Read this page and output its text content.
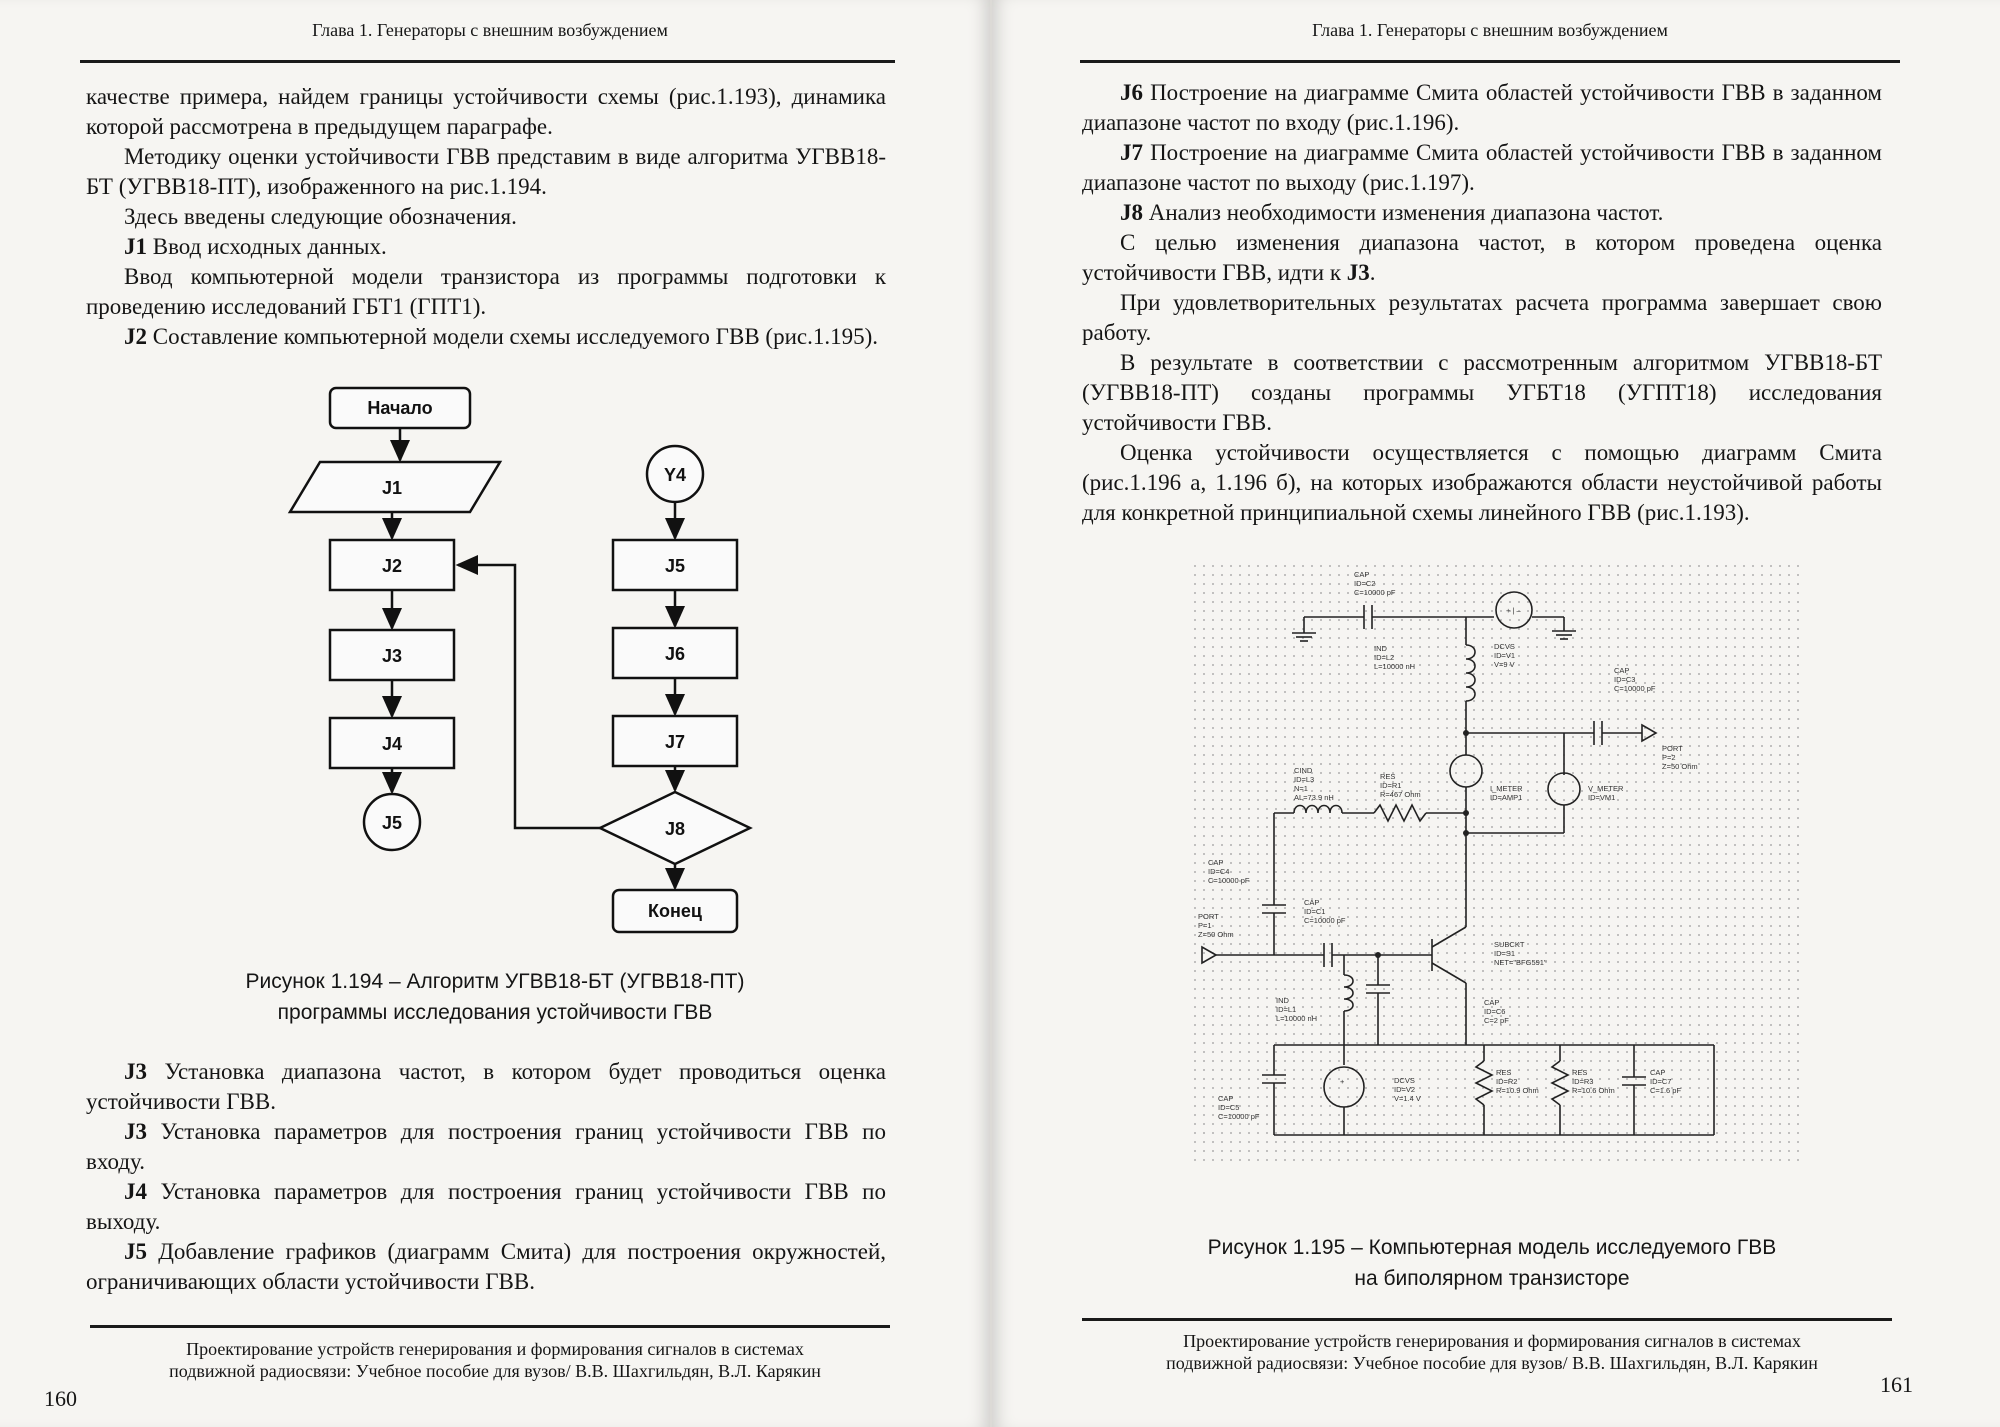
Глава 1. Генераторы с внешним возбуждением

качестве примера, найдем границы устойчивости схемы (рис.1.193), динамика которой рассмотрена в предыдущем параграфе.

Методику оценки устойчивости ГВВ представим в виде алгоритма УГВВ18-БТ (УГВВ18-ПТ), изображенного на рис.1.194.

Здесь введены следующие обозначения.

J1 Ввод исходных данных.

Ввод компьютерной модели транзистора из программы подготовки к проведению исследований ГБТ1 (ГПТ1).

J2 Составление компьютерной модели схемы исследуемого ГВВ (рис.1.195).

Начало
J1
J2
J3
J4
J5
Y4
J5
J6
J7
J8
Конец
Рисунок 1.194 – Алгоритм УГВВ18-БТ (УГВВ18-ПТ)
программы исследования устойчивости ГВВ

J3 Установка диапазона частот, в котором будет проводиться оценка устойчивости ГВВ.

J3 Установка параметров для построения границ устойчивости ГВВ по входу.

J4 Установка параметров для построения границ устойчивости ГВВ по выходу.

J5 Добавление графиков (диаграмм Смита) для построения окружностей, ограничивающих области устойчивости ГВВ.

Проектирование устройств генерирования и формирования сигналов в системах
подвижной радиосвязи: Учебное пособие для вузов/ В.В. Шахгильдян, В.Л. Карякин
160
Глава 1. Генераторы с внешним возбуждением

J6 Построение на диаграмме Смита областей устойчивости ГВВ в заданном диапазоне частот по входу (рис.1.196).

J7 Построение на диаграмме Смита областей устойчивости ГВВ в заданном диапазоне частот по выходу (рис.1.197).

J8 Анализ необходимости изменения диапазона частот.

С целью изменения диапазона частот, в котором проведена оценка устойчивости ГВВ, идти к J3.

При удовлетворительных результатах расчета программа завершает свою работу.

В результате в соответствии с рассмотренным алгоритмом УГВВ18-БТ (УГВВ18-ПТ) созданы программы УГБТ18 (УГПТ18) исследования устойчивости ГВВ.

Оценка устойчивости осуществляется с помощью диаграмм Смита (рис.1.196 а, 1.196 б), на которых изображаются области неустойчивой работы для конкретной принципиальной схемы линейного ГВВ (рис.1.193).

+ | –
+
CAP
ID=C2
C=10000 pF
IND
ID=L2
L=10000 nH
DCVS
ID=V1
V=9 V
CAP
ID=C3
C=10000 pF
PORT
P=2
Z=50 Ohm
CIND
ID=L3
N=1
AL=73.9 nH
RES
ID=R1
R=467 Ohm
I_METER
ID=AMP1
V_METER
ID=VM1
CAP
ID=C4
C=10000 pF
CAP
ID=C1
C=10000 pF
PORT
P=1
Z=50 Ohm
SUBCKT
ID=S1
NET="BFG591"
IND
ID=L1
L=10000 nH
CAP
ID=C6
C=2 pF
CAP
ID=C5
C=10000 pF
DCVS
ID=V2
V=1.4 V
RES
ID=R2
R=10.9 Ohm
RES
ID=R3
R=10.6 Ohm
CAP
ID=C7
C=1.6 pF
Рисунок 1.195 – Компьютерная модель исследуемого ГВВ
на биполярном транзисторе
Проектирование устройств генерирования и формирования сигналов в системах
подвижной радиосвязи: Учебное пособие для вузов/ В.В. Шахгильдян, В.Л. Карякин
161
